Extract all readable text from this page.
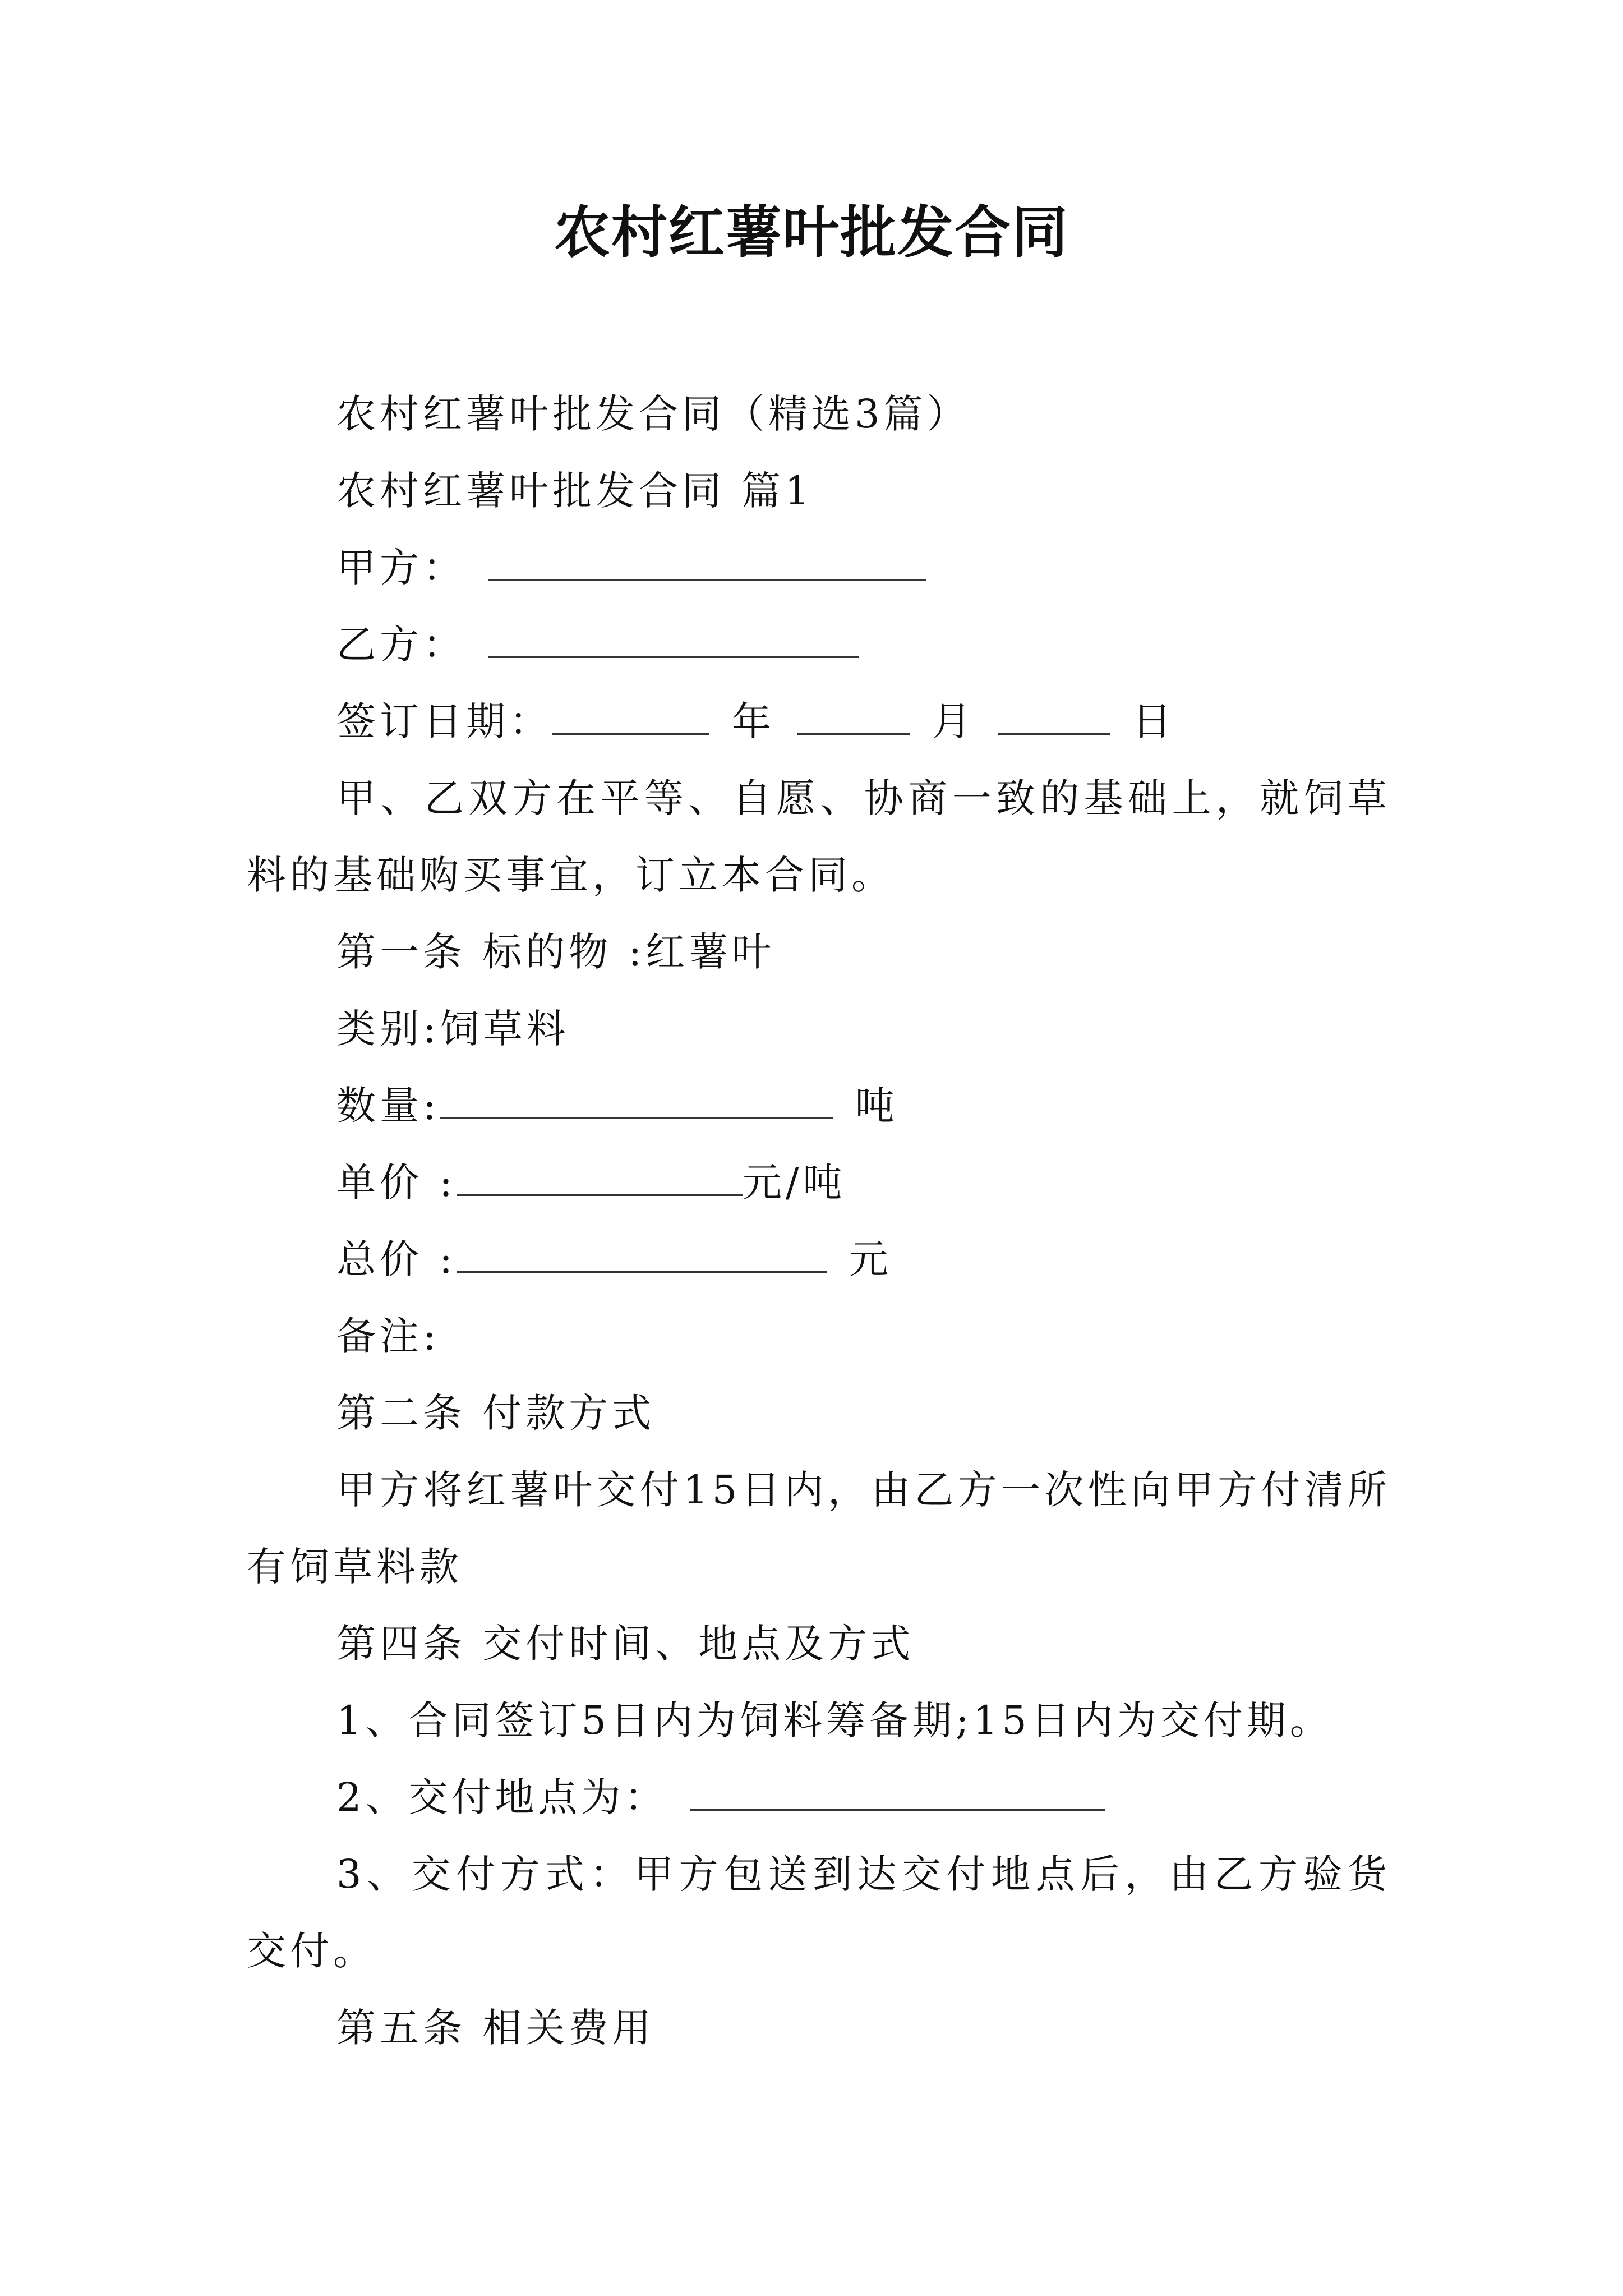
农村红薯叶批发合同

农村红薯叶批发合同（精选3篇）

农村红薯叶批发合同 篇1

甲方：

乙方：

签订日期：	年	月	日

甲、乙双方在平等、自愿、协商一致的基础上，就饲草料的基础购买事宜，订立本合同。

第一条 标的物 :红薯叶

类别:饲草料

数量:	吨

单价 :	元/吨

总价 :	元

备注:

第二条 付款方式

甲方将红薯叶交付15日内，由乙方一次性向甲方付清所有饲草料款

第四条 交付时间、地点及方式

1、合同签订5日内为饲料筹备期;15日内为交付期。

2、交付地点为：

3、交付方式：甲方包送到达交付地点后，由乙方验货交付。

第五条 相关费用
